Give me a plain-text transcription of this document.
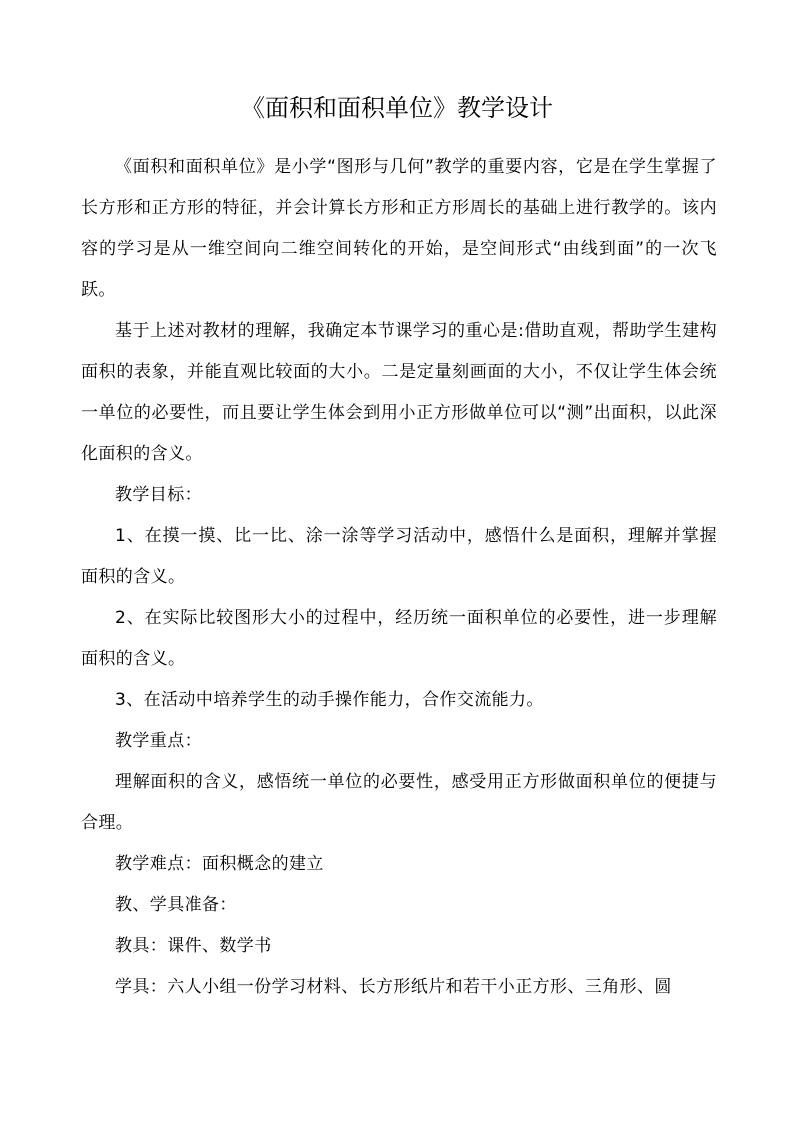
《面积和面积单位》教学设计

《面积和面积单位》是小学“图形与几何”教学的重要内容，它是在学生掌握了长方形和正方形的特征，并会计算长方形和正方形周长的基础上进行教学的。该内容的学习是从一维空间向二维空间转化的开始，是空间形式“由线到面”的一次飞跃。

基于上述对教材的理解，我确定本节课学习的重心是:借助直观，帮助学生建构面积的表象，并能直观比较面的大小。二是定量刻画面的大小，不仅让学生体会统一单位的必要性，而且要让学生体会到用小正方形做单位可以“测”出面积，以此深化面积的含义。

教学目标：

1、在摸一摸、比一比、涂一涂等学习活动中，感悟什么是面积，理解并掌握面积的含义。

2、在实际比较图形大小的过程中，经历统一面积单位的必要性，进一步理解面积的含义。

3、在活动中培养学生的动手操作能力，合作交流能力。

教学重点：

理解面积的含义，感悟统一单位的必要性，感受用正方形做面积单位的便捷与合理。

教学难点：面积概念的建立

教、学具准备：

教具：课件、数学书

学具：六人小组一份学习材料、长方形纸片和若干小正方形、三角形、圆
